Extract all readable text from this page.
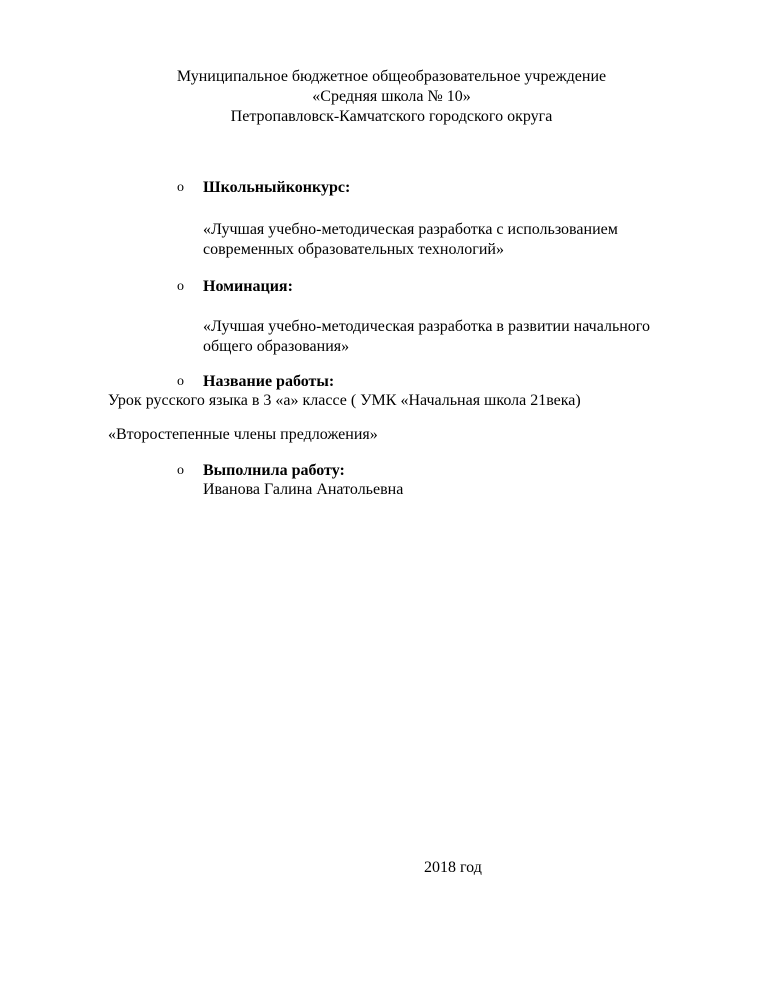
Муниципальное бюджетное общеобразовательное учреждение
«Средняя школа № 10»
Петропавловск-Камчатского городского округа
o Школьныйконкурс:
«Лучшая учебно-методическая разработка с использованием
современных образовательных технологий»
o Номинация:
«Лучшая учебно-методическая разработка в развитии начального
общего образования»
o Название работы:
Урок русского языка в 3 «а» классе ( УМК «Начальная школа 21века)
«Второстепенные члены предложения»
o Выполнила работу:
Иванова Галина Анатольевна
2018 год
